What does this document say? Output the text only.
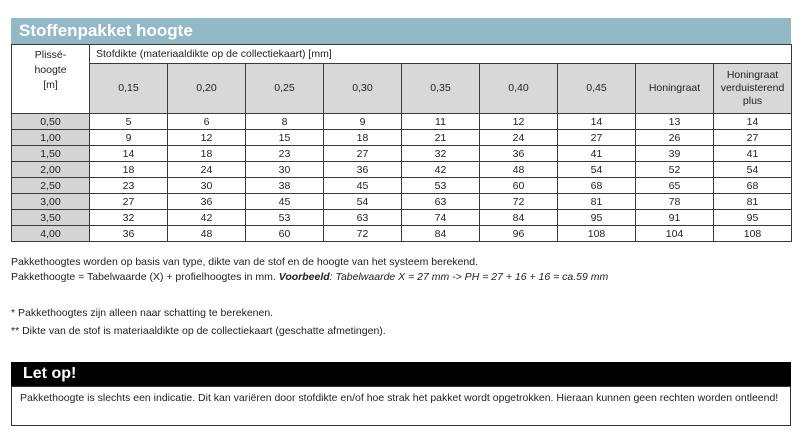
Stoffenpakket hoogte
Plissé-
hoogte
[m]	Stofdikte (materiaaldikte op de collectiekaart) [mm]								
	0,15	0,20	0,25	0,30	0,35	0,40	0,45	Honingraat	Honingraat verduisterend plus
0,50	5	6	8	9	11	12	14	13	14
1,00	9	12	15	18	21	24	27	26	27
1,50	14	18	23	27	32	36	41	39	41
2,00	18	24	30	36	42	48	54	52	54
2,50	23	30	38	45	53	60	68	65	68
3,00	27	36	45	54	63	72	81	78	81
3,50	32	42	53	63	74	84	95	91	95
4,00	36	48	60	72	84	96	108	104	108

Pakkethoogtes worden op basis van type, dikte van de stof en de hoogte van het systeem berekend.

Pakkethoogte = Tabelwaarde (X) + profielhoogtes in mm. Voorbeeld: Tabelwaarde X = 27 mm -> PH = 27 + 16 + 16 = ca.59 mm

* Pakkethoogtes zijn alleen naar schatting te berekenen.

** Dikte van de stof is materiaaldikte op de collectiekaart (geschatte afmetingen).

Let op!
Pakkethoogte is slechts een indicatie. Dit kan variëren door stofdikte en/of hoe strak het pakket wordt opgetrokken. Hieraan kunnen geen rechten worden ontleend!
